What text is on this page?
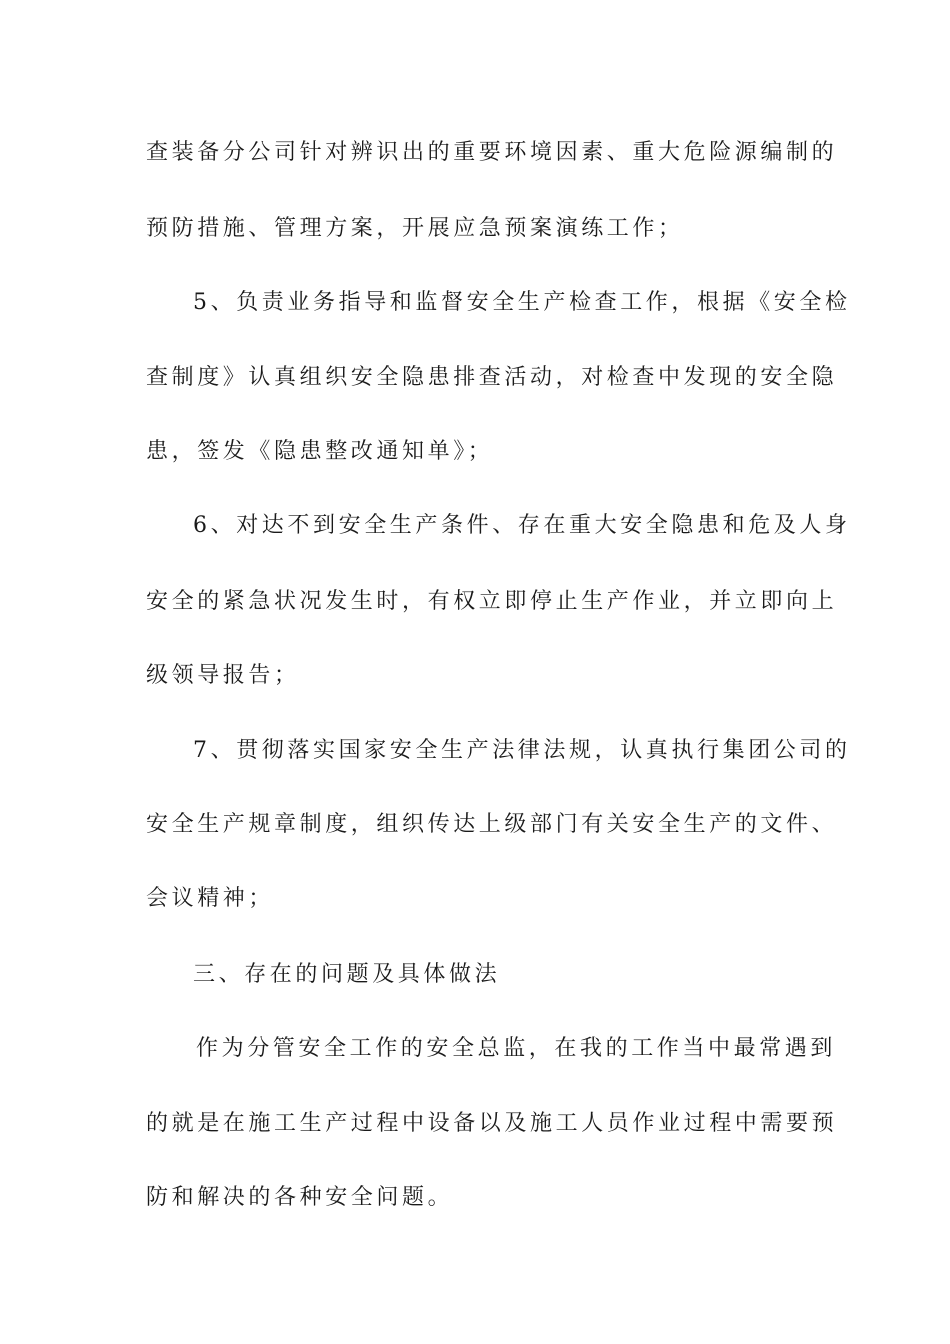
查装备分公司针对辨识出的重要环境因素、重大危险源编制的
预防措施、管理方案，开展应急预案演练工作；
5、负责业务指导和监督安全生产检查工作，根据《安全检
查制度》认真组织安全隐患排查活动，对检查中发现的安全隐
患，签发《隐患整改通知单》；
6、对达不到安全生产条件、存在重大安全隐患和危及人身
安全的紧急状况发生时，有权立即停止生产作业，并立即向上
级领导报告；
7、贯彻落实国家安全生产法律法规，认真执行集团公司的
安全生产规章制度，组织传达上级部门有关安全生产的文件、
会议精神；
三、存在的问题及具体做法
作为分管安全工作的安全总监，在我的工作当中最常遇到
的就是在施工生产过程中设备以及施工人员作业过程中需要预
防和解决的各种安全问题。
